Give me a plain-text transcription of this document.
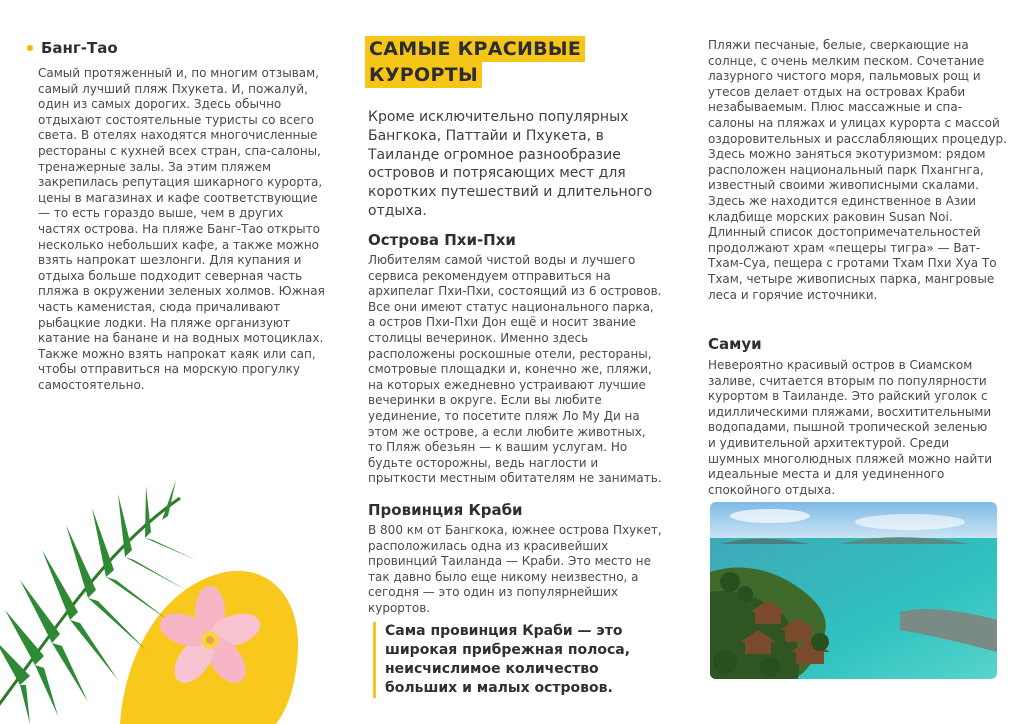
Банг-Тао

Самый протяженный и, по многим отзывам, самый лучший пляж Пхукета. И, пожалуй, один из самых дорогих. Здесь обычно отдыхают состоятельные туристы со всего света. В отелях находятся многочисленные рестораны с кухней всех стран, спа-салоны, тренажерные залы. За этим пляжем закрепилась репутация шикарного курорта, цены в магазинах и кафе соответствующие — то есть гораздо выше, чем в других частях острова. На пляже Банг-Тао открыто несколько небольших кафе, а также можно взять напрокат шезлонги. Для купания и отдыха больше подходит северная часть пляжа в окружении зеленых холмов. Южная часть каменистая, сюда причаливают рыбацкие лодки. На пляже организуют катание на банане и на водных мотоциклах. Также можно взять напрокат каяк или сап, чтобы отправиться на морскую прогулку самостоятельно.

САМЫЕ КРАСИВЫЕ
КУРОРТЫ

Кроме исключительно популярных Бангкока, Паттайи и Пхукета, в Таиланде огромное разнообразие островов и потрясающих мест для коротких путешествий и длительного отдыха.

Острова Пхи-Пхи

Любителям самой чистой воды и лучшего сервиса рекомендуем отправиться на архипелаг Пхи-Пхи, состоящий из 6 островов. Все они имеют статус национального парка, а остров Пхи-Пхи Дон ещё и носит звание столицы вечеринок. Именно здесь расположены роскошные отели, рестораны, смотровые площадки и, конечно же, пляжи, на которых ежедневно устраивают лучшие вечеринки в округе. Если вы любите уединение, то посетите пляж Ло Му Ди на этом же острове, а если любите животных, то Пляж обезьян — к вашим услугам. Но будьте осторожны, ведь наглости и прыткости местным обитателям не занимать.

Провинция Краби

В 800 км от Бангкока, южнее острова Пхукет, расположилась одна из красивейших провинций Таиланда — Краби. Это место не так давно было еще никому неизвестно, а сегодня — это один из популярнейших курортов.

Сама провинция Краби — это широкая прибрежная полоса, неисчислимое количество больших и малых островов.

Пляжи песчаные, белые, сверкающие на солнце, с очень мелким песком. Сочетание лазурного чистого моря, пальмовых рощ и утесов делает отдых на островах Краби незабываемым. Плюс массажные и спа-салоны на пляжах и улицах курорта с массой оздоровительных и расслабляющих процедур. Здесь можно заняться экотуризмом: рядом расположен национальный парк Пхангнга, известный своими живописными скалами. Здесь же находится единственное в Азии кладбище морских раковин Susan Noi. Длинный список достопримечательностей продолжают храм «пещеры тигра» — Ват-Тхам-Суа, пещера с гротами Тхам Пхи Хуа То Тхам, четыре живописных парка, мангровые леса и горячие источники.

Самуи

Невероятно красивый остров в Сиамском заливе, считается вторым по популярности курортом в Таиланде. Это райский уголок с идиллическими пляжами, восхитительными водопадами, пышной тропической зеленью и удивительной архитектурой. Среди шумных многолюдных пляжей можно найти идеальные места и для уединенного спокойного отдыха.
